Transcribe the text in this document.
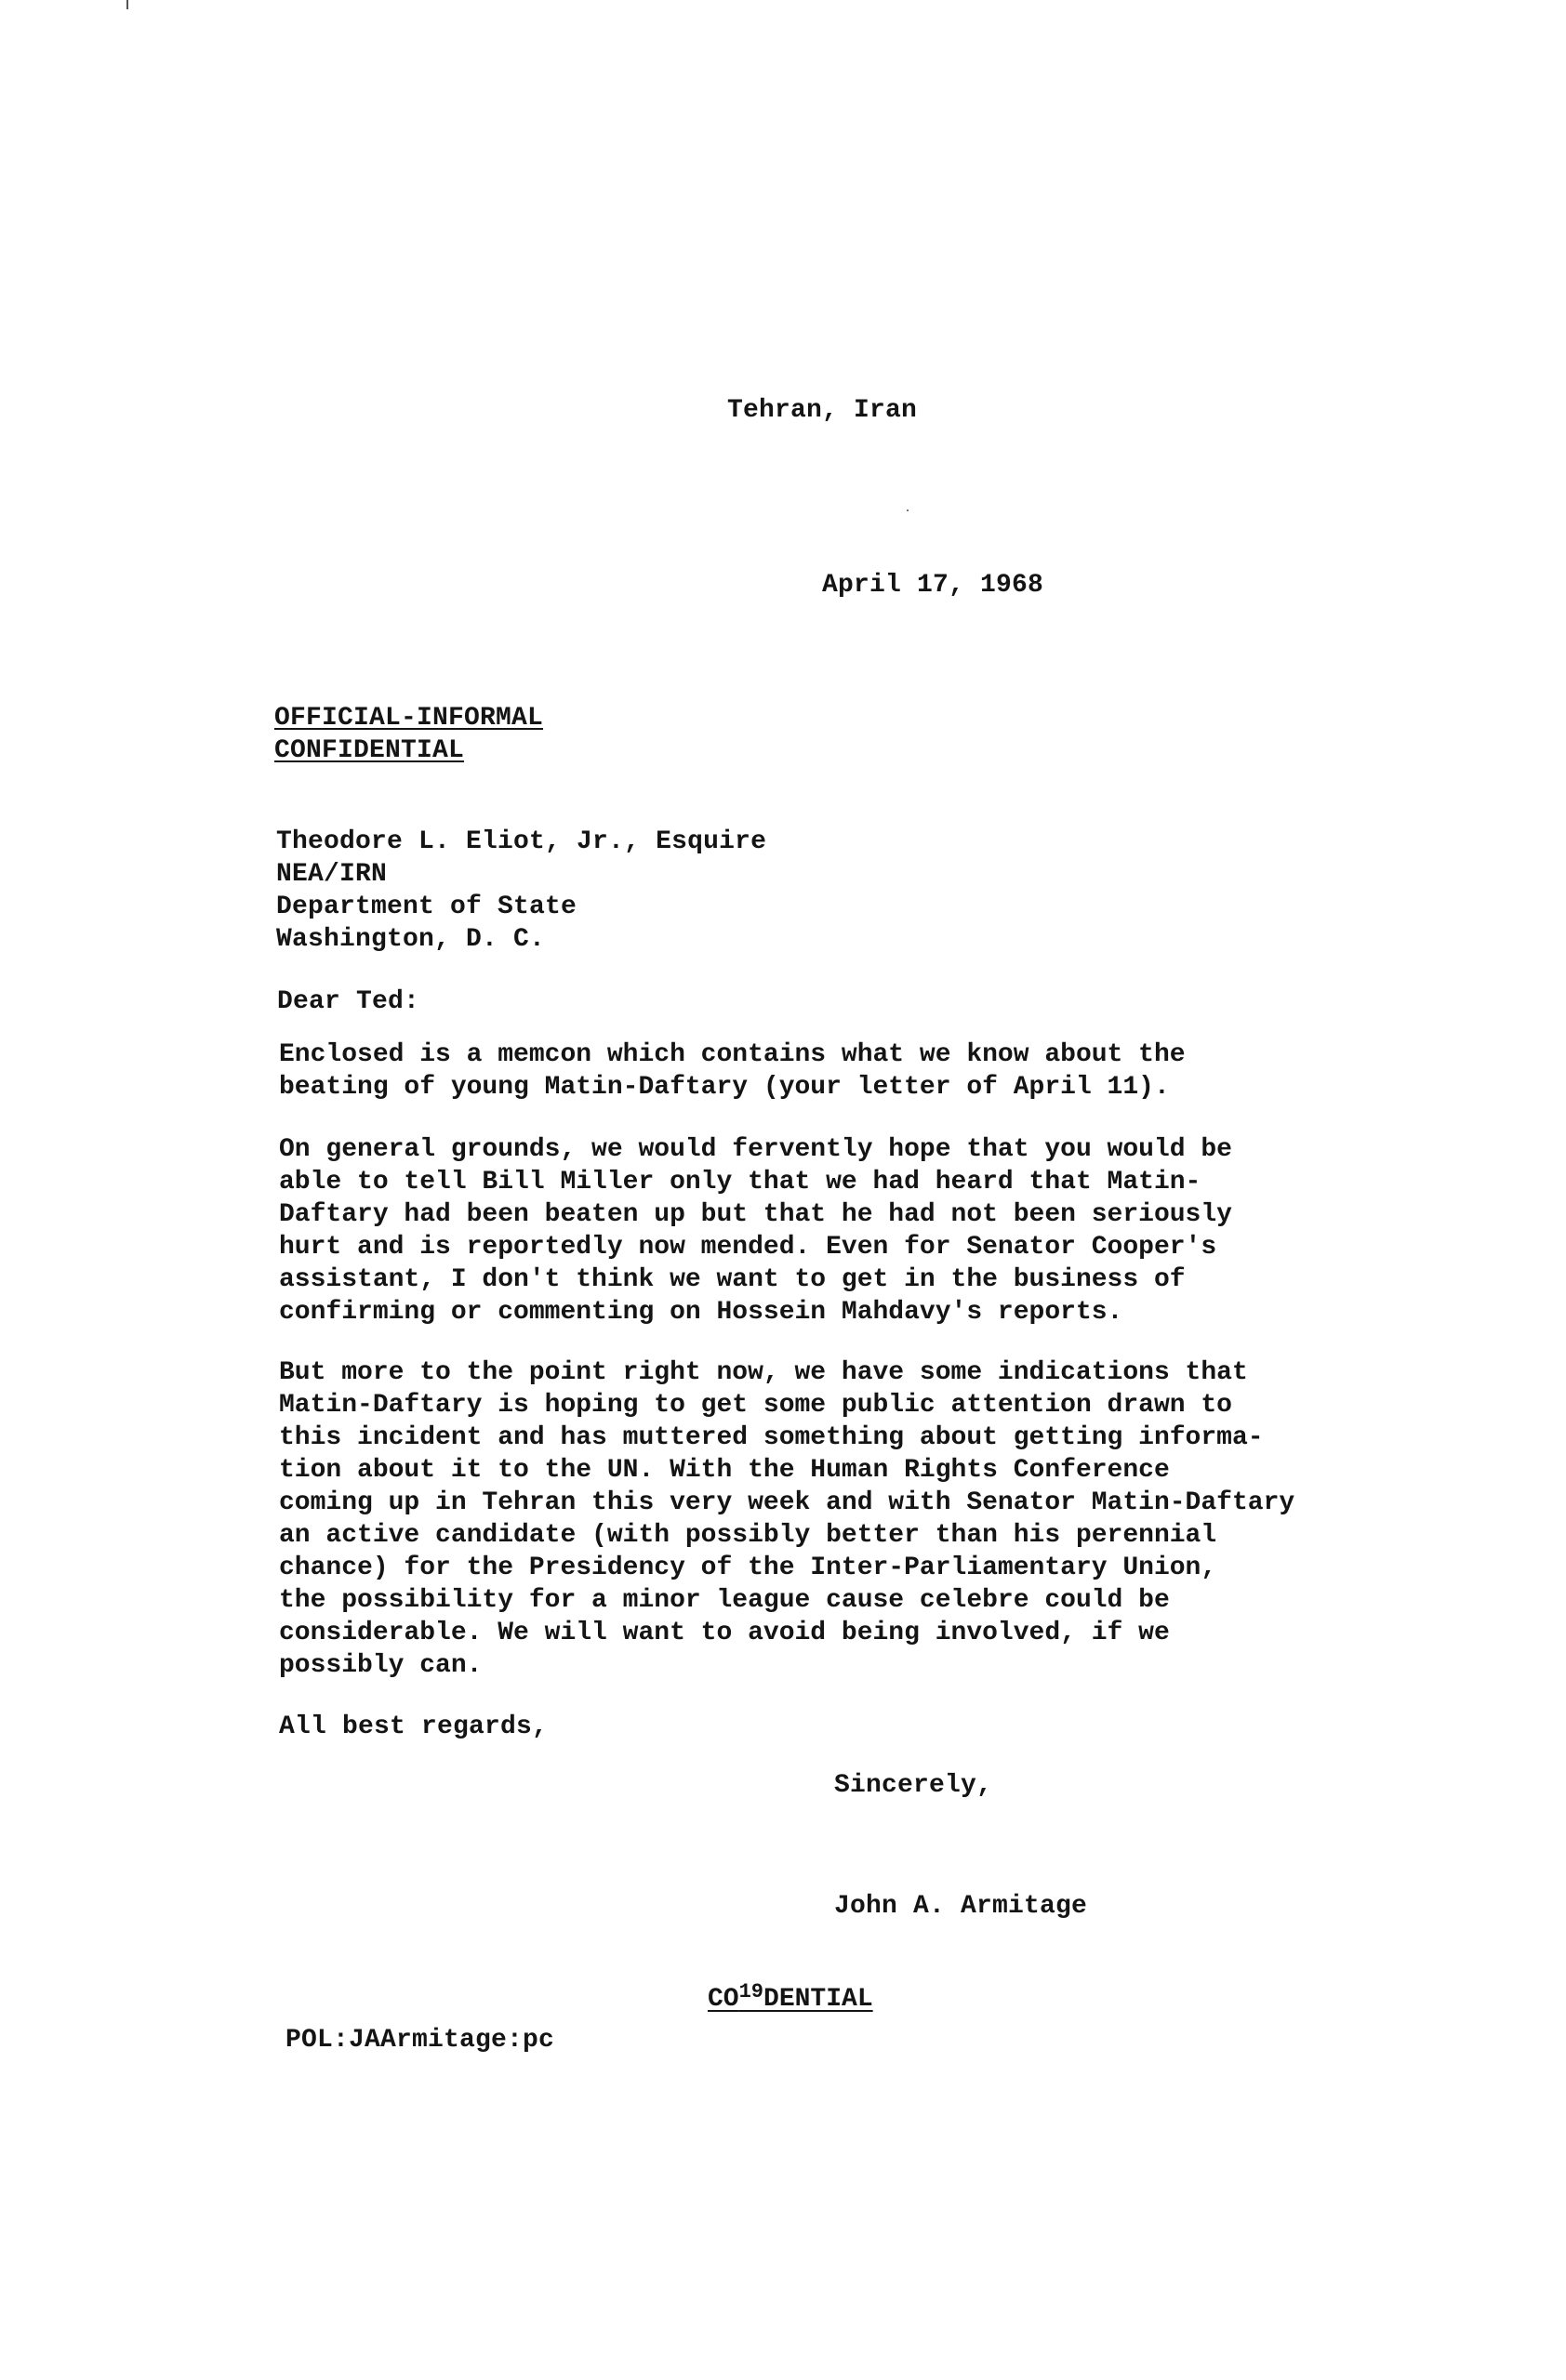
Tehran, Iran
April 17, 1968
OFFICIAL-INFORMAL
CONFIDENTIAL
Theodore L. Eliot, Jr., Esquire
NEA/IRN
Department of State
Washington, D. C.
Dear Ted:
Enclosed is a memcon which contains what we know about the
beating of young Matin-Daftary (your letter of April 11).
On general grounds, we would fervently hope that you would be
able to tell Bill Miller only that we had heard that Matin-
Daftary had been beaten up but that he had not been seriously
hurt and is reportedly now mended. Even for Senator Cooper's
assistant, I don't think we want to get in the business of
confirming or commenting on Hossein Mahdavy's reports.
But more to the point right now, we have some indications that
Matin-Daftary is hoping to get some public attention drawn to
this incident and has muttered something about getting informa-
tion about it to the UN. With the Human Rights Conference
coming up in Tehran this very week and with Senator Matin-Daftary
an active candidate (with possibly better than his perennial
chance) for the Presidency of the Inter-Parliamentary Union,
the possibility for a minor league cause celebre could be
considerable. We will want to avoid being involved, if we
possibly can.
All best regards,
Sincerely,
John A. Armitage
CO$^{19}$DENTIAL
POL:JAArmitage:pc
